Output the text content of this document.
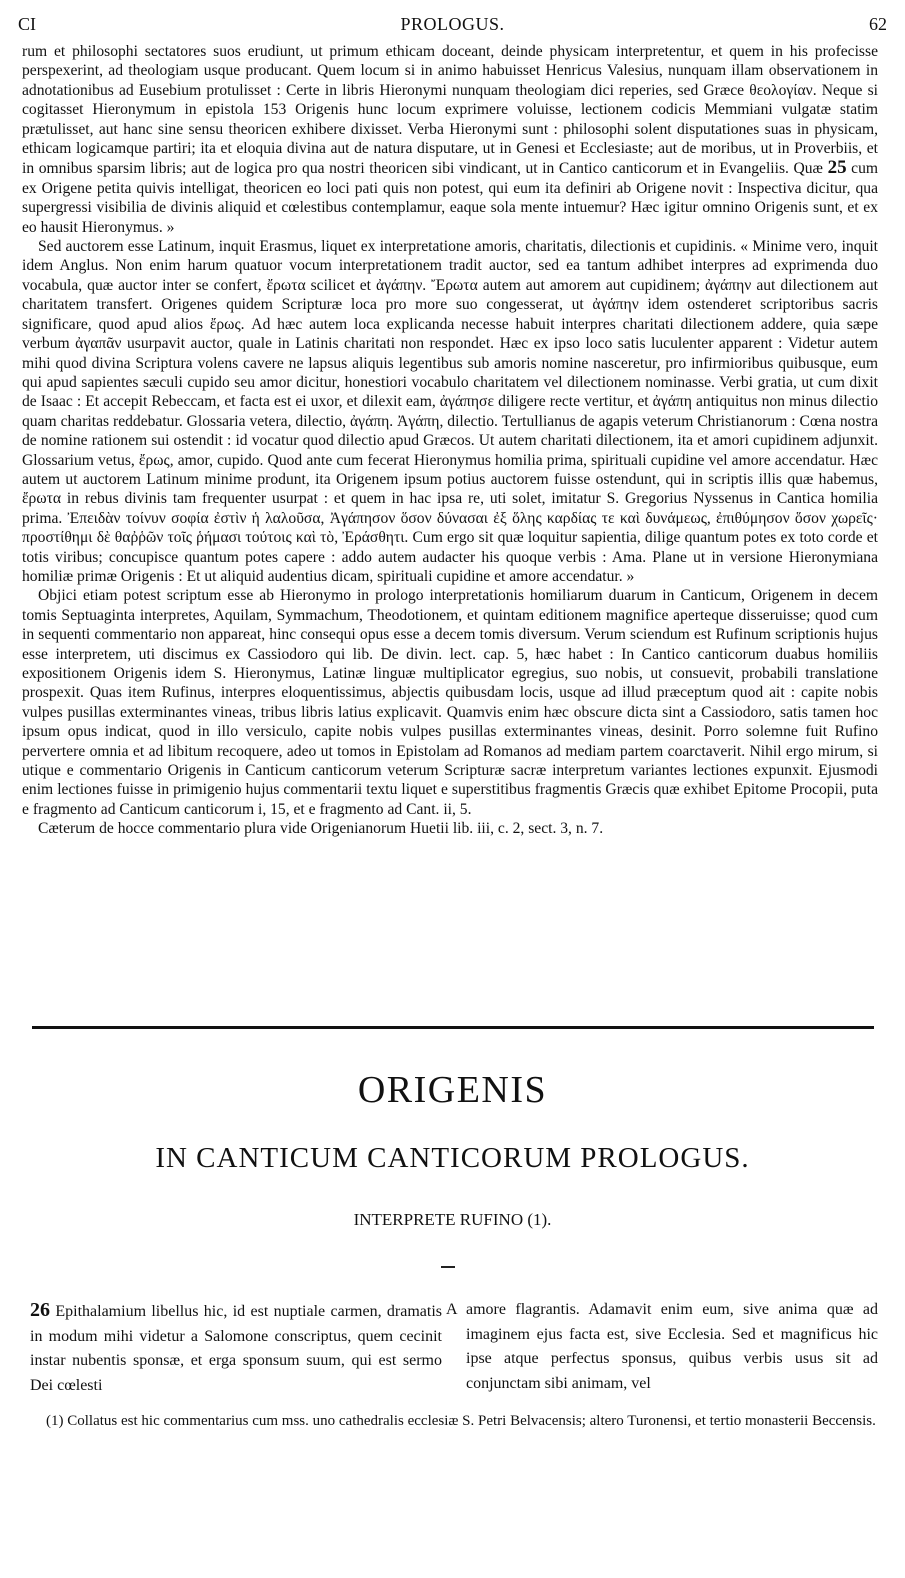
CI	PROLOGUS.	62

rum et philosophi sectatores suos erudiunt, ut primum ethicam doceant, deinde physicam interpretentur, et quem in his profecisse perspexerint, ad theologiam usque producant. Quem locum si in animo habuisset Henricus Valesius, nunquam illam observationem in adnotationibus ad Eusebium protulisset : Certe in libris Hieronymi nunquam theologiam dici reperies, sed Græce θεολογίαν. Neque si cogitasset Hieronymum in epistola 153 Origenis hunc locum exprimere voluisse, lectionem codicis Memmiani vulgatæ statim prætulisset, aut hanc sine sensu theoricen exhibere dixisset. Verba Hieronymi sunt : philosophi solent disputationes suas in physicam, ethicam logicamque partiri; ita et eloquia divina aut de natura disputare, ut in Genesi et Ecclesiaste; aut de moribus, ut in Proverbiis, et in omnibus sparsim libris; aut de logica pro qua nostri theoricen sibi vindicant, ut in Cantico canticorum et in Evangeliis. Quæ 25 cum ex Origene petita quivis intelligat, theoricen eo loci pati quis non potest, qui eum ita definiri ab Origene novit : Inspectiva dicitur, qua supergressi visibilia de divinis aliquid et cœlestibus contemplamur, eaque sola mente intuemur? Hæc igitur omnino Origenis sunt, et ex eo hausit Hieronymus. »

Sed auctorem esse Latinum, inquit Erasmus, liquet ex interpretatione amoris, charitatis, dilectionis et cupidinis. « Minime vero, inquit idem Anglus. Non enim harum quatuor vocum interpretationem tradit auctor, sed ea tantum adhibet interpres ad exprimenda duo vocabula, quæ auctor inter se confert, ἔρωτα scilicet et ἀγάπην. Ἔρωτα autem aut amorem aut cupidinem; ἀγάπην aut dilectionem aut charitatem transfert. Origenes quidem Scripturæ loca pro more suo congesserat, ut ἀγάπην idem ostenderet scriptoribus sacris significare, quod apud alios ἔρως. Ad hæc autem loca explicanda necesse habuit interpres charitati dilectionem addere, quia sæpe verbum ἀγαπᾶν usurpavit auctor, quale in Latinis charitati non respondet. Hæc ex ipso loco satis luculenter apparent : Videtur autem mihi quod divina Scriptura volens cavere ne lapsus aliquis legentibus sub amoris nomine nasceretur, pro infirmioribus quibusque, eum qui apud sapientes sæculi cupido seu amor dicitur, honestiori vocabulo charitatem vel dilectionem nominasse. Verbi gratia, ut cum dixit de Isaac : Et accepit Rebeccam, et facta est ei uxor, et dilexit eam, ἀγάπησε diligere recte vertitur, et ἀγάπη antiquitus non minus dilectio quam charitas reddebatur. Glossaria vetera, dilectio, ἀγάπη. Ἀγάπη, dilectio. Tertullianus de agapis veterum Christianorum : Cœna nostra de nomine rationem sui ostendit : id vocatur quod dilectio apud Græcos. Ut autem charitati dilectionem, ita et amori cupidinem adjunxit. Glossarium vetus, ἔρως, amor, cupido. Quod ante cum fecerat Hieronymus homilia prima, spirituali cupidine vel amore accendatur. Hæc autem ut auctorem Latinum minime produnt, ita Origenem ipsum potius auctorem fuisse ostendunt, qui in scriptis illis quæ habemus, ἔρωτα in rebus divinis tam frequenter usurpat : et quem in hac ipsa re, uti solet, imitatur S. Gregorius Nyssenus in Cantica homilia prima. Ἐπειδὰν τοίνυν σοφία ἐστὶν ἡ λαλοῦσα, Ἀγάπησον ὅσον δύνασαι ἐξ ὅλης καρδίας τε καὶ δυνάμεως, ἐπιθύμησον ὅσον χωρεῖς· προστίθημι δὲ θαῤῥῶν τοῖς ῥήμασι τούτοις καὶ τὸ, Ἐράσθητι. Cum ergo sit quæ loquitur sapientia, dilige quantum potes ex toto corde et totis viribus; concupisce quantum potes capere : addo autem audacter his quoque verbis : Ama. Plane ut in versione Hieronymiana homiliæ primæ Origenis : Et ut aliquid audentius dicam, spirituali cupidine et amore accendatur. »

Objici etiam potest scriptum esse ab Hieronymo in prologo interpretationis homiliarum duarum in Canticum, Origenem in decem tomis Septuaginta interpretes, Aquilam, Symmachum, Theodotionem, et quintam editionem magnifice aperteque disseruisse; quod cum in sequenti commentario non appareat, hinc consequi opus esse a decem tomis diversum. Verum sciendum est Rufinum scriptionis hujus esse interpretem, uti discimus ex Cassiodoro qui lib. De divin. lect. cap. 5, hæc habet : In Cantico canticorum duabus homiliis expositionem Origenis idem S. Hieronymus, Latinæ linguæ multiplicator egregius, suo nobis, ut consuevit, probabili translatione prospexit. Quas item Rufinus, interpres eloquentissimus, abjectis quibusdam locis, usque ad illud præceptum quod ait : capite nobis vulpes pusillas exterminantes vineas, tribus libris latius explicavit. Quamvis enim hæc obscure dicta sint a Cassiodoro, satis tamen hoc ipsum opus indicat, quod in illo versiculo, capite nobis vulpes pusillas exterminantes vineas, desinit. Porro solemne fuit Rufino pervertere omnia et ad libitum recoquere, adeo ut tomos in Epistolam ad Romanos ad mediam partem coarctaverit. Nihil ergo mirum, si utique e commentario Origenis in Canticum canticorum veterum Scripturæ sacræ interpretum variantes lectiones expunxit. Ejusmodi enim lectiones fuisse in primigenio hujus commentarii textu liquet e superstitibus fragmentis Græcis quæ exhibet Epitome Procopii, puta e fragmento ad Canticum canticorum i, 15, et e fragmento ad Cant. ii, 5.

Cæterum de hocce commentario plura vide Origenianorum Huetii lib. iii, c. 2, sect. 3, n. 7.

ORIGENIS
IN CANTICUM CANTICORUM PROLOGUS.
INTERPRETE RUFINO (1).
26 Epithalamium libellus hic, id est nuptiale carmen, dramatis in modum mihi videtur a Salomone conscriptus, quem cecinit instar nubentis sponsæ, et erga sponsum suum, qui est sermo Dei cœlesti
A amore flagrantis. Adamavit enim eum, sive anima quæ ad imaginem ejus facta est, sive Ecclesia. Sed et magnificus hic ipse atque perfectus sponsus, quibus verbis usus sit ad conjunctam sibi animam, vel
(1) Collatus est hic commentarius cum mss. uno cathedralis ecclesiæ S. Petri Belvacensis; altero Turonensi, et tertio monasterii Beccensis.
